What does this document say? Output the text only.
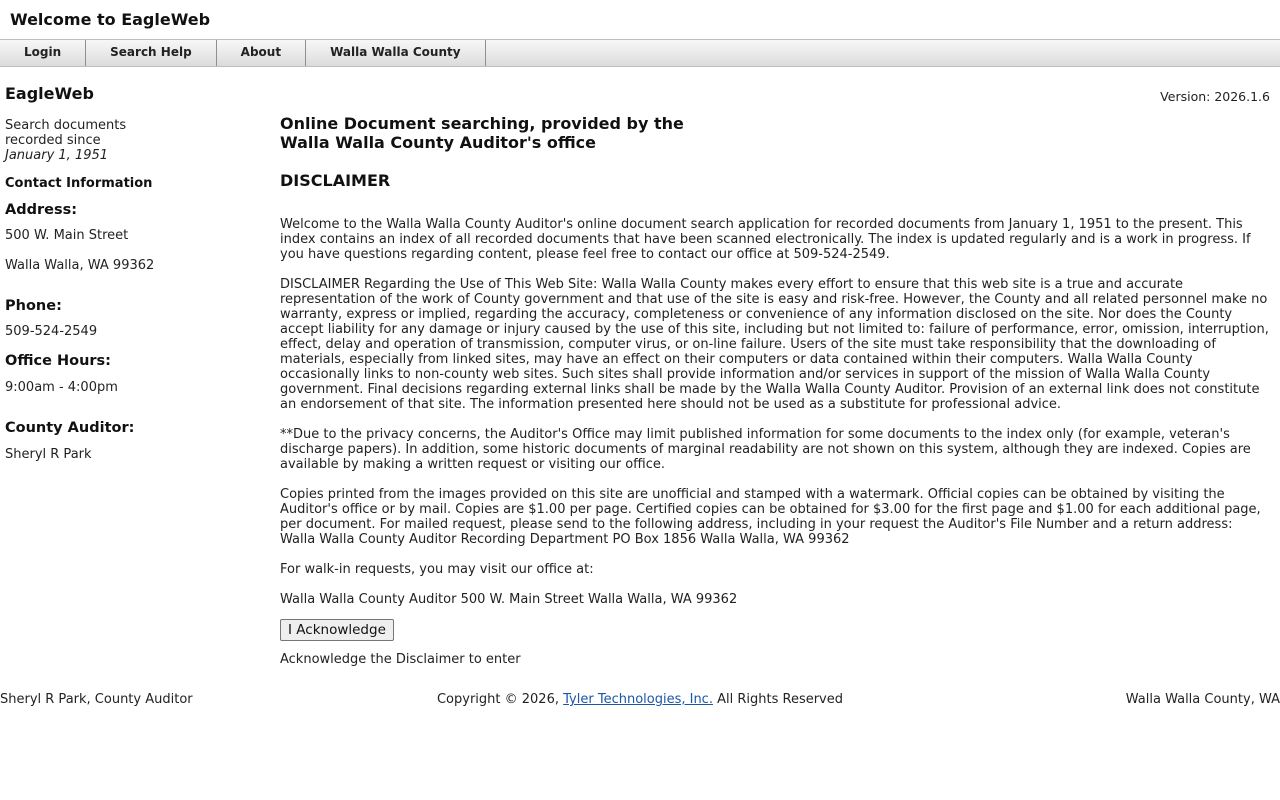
Welcome to EagleWeb
Login	Search Help	About	Walla Walla County
Version: 2026.1.6
EagleWeb
Search documents
recorded since
January 1, 1951
Contact Information
Address:
500 W. Main Street
Walla Walla, WA 99362
Phone:
509-524-2549
Office Hours:
9:00am - 4:00pm
County Auditor:
Sheryl R Park
Online Document searching, provided by the
Walla Walla County Auditor's office
DISCLAIMER

Welcome to the Walla Walla County Auditor's online document search application for recorded documents from January 1, 1951 to the present. This index contains an index of all recorded documents that have been scanned electronically. The index is updated regularly and is a work in progress. If you have questions regarding content, please feel free to contact our office at 509-524-2549.

DISCLAIMER Regarding the Use of This Web Site: Walla Walla County makes every effort to ensure that this web site is a true and accurate representation of the work of County government and that use of the site is easy and risk-free. However, the County and all related personnel make no warranty, express or implied, regarding the accuracy, completeness or convenience of any information disclosed on the site. Nor does the County accept liability for any damage or injury caused by the use of this site, including but not limited to: failure of performance, error, omission, interruption, effect, delay and operation of transmission, computer virus, or on-line failure. Users of the site must take responsibility that the downloading of materials, especially from linked sites, may have an effect on their computers or data contained within their computers. Walla Walla County occasionally links to non-county web sites. Such sites shall provide information and/or services in support of the mission of Walla Walla County government. Final decisions regarding external links shall be made by the Walla Walla County Auditor. Provision of an external link does not constitute an endorsement of that site. The information presented here should not be used as a substitute for professional advice.

**Due to the privacy concerns, the Auditor's Office may limit published information for some documents to the index only (for example, veteran's discharge papers). In addition, some historic documents of marginal readability are not shown on this system, although they are indexed. Copies are available by making a written request or visiting our office.

Copies printed from the images provided on this site are unofficial and stamped with a watermark. Official copies can be obtained by visiting the Auditor's office or by mail. Copies are $1.00 per page. Certified copies can be obtained for $3.00 for the first page and $1.00 for each additional page, per document. For mailed request, please send to the following address, including in your request the Auditor's File Number and a return address: Walla Walla County Auditor Recording Department PO Box 1856 Walla Walla, WA 99362

For walk-in requests, you may visit our office at:

Walla Walla County Auditor 500 W. Main Street Walla Walla, WA 99362

I Acknowledge
Acknowledge the Disclaimer to enter
Sheryl R Park, County Auditor	Copyright © 2026, Tyler Technologies, Inc. All Rights Reserved	Walla Walla County, WA
